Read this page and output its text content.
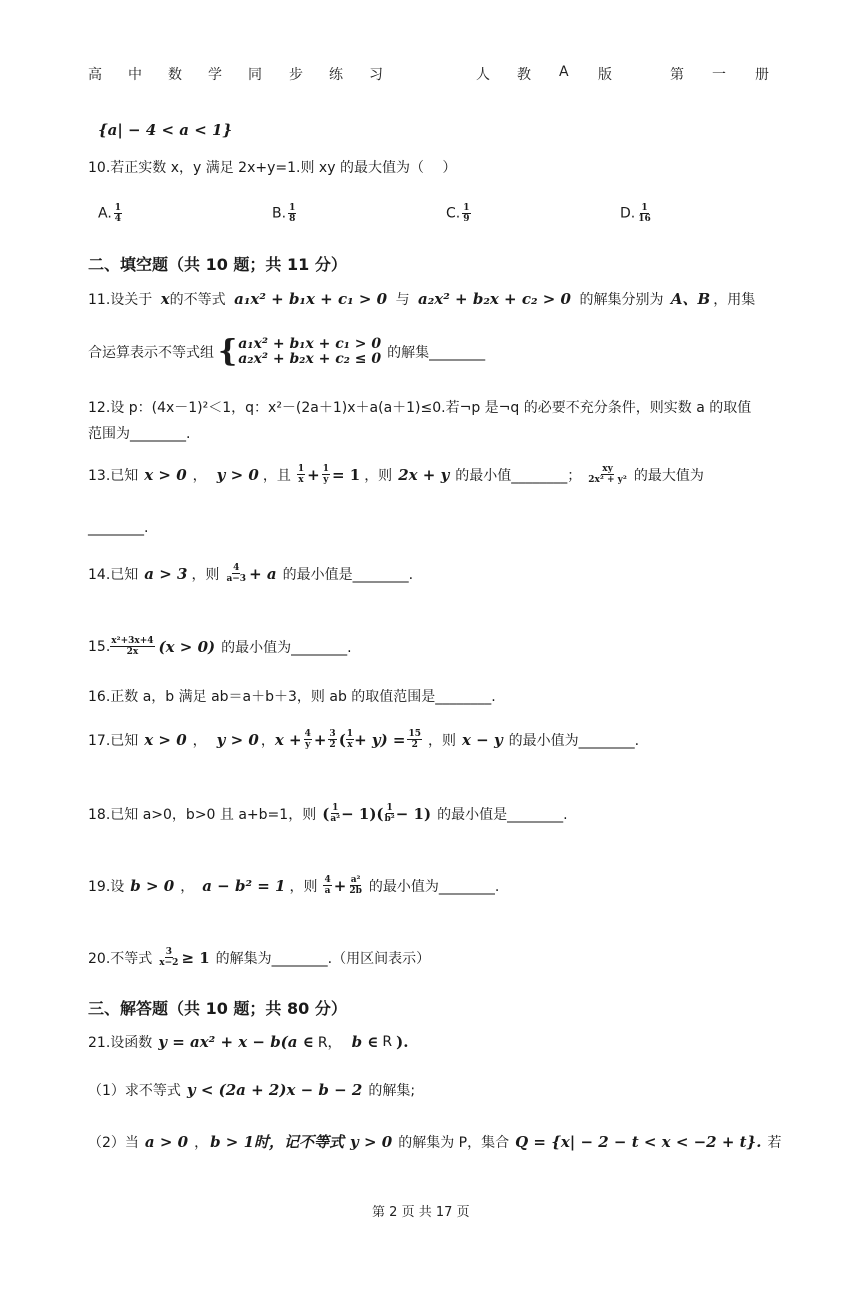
高 中 数 学 同 步 练 习	人 教 A 版	第 一 册
{a| − 4 < a < 1}
10.若正实数 x，y 满足 2x+y=1.则 xy 的最大值为（　 ）
A. $\frac{1}{4}$	B. $\frac{1}{8}$	C. $\frac{1}{9}$	D. $\frac{1}{16}$
二、填空题（共 10 题；共 11 分）
11.设关于 x的不等式 a₁x² + b₁x + c₁ > 0 与 a₂x² + b₂x + c₂ > 0 的解集分别为 A、B ，用集
合运算表示不等式组 { a₁x² + b₁x + c₁ > 0
a₂x² + b₂x + c₂ ≤ 0 的解集________
12.设 p：(4x－1)²＜1，q：x²－(2a＋1)x＋a(a＋1)≤0.若¬p 是¬q 的必要不充分条件，则实数 a 的取值
范围为________.
13.已知 x > 0 ， y > 0 ，且 $\frac{1}{x} + \frac{1}{y} = 1$ ，则 2x + y 的最小值________； $\frac{xy}{\text{2x² + y²}}$ 的最大值为
________.
14.已知 a > 3 ，则 $\frac{4}{a-3} + a$ 的最小值是________.
15. $\frac{\text{x²+3x+4}}{2x} (x > 0)$ 的最小值为________.
16.正数 a，b 满足 ab＝a＋b＋3，则 ab 的取值范围是________.
17.已知 x > 0 ， y > 0 ， $x + \frac{4}{y} + \frac{3}{2}$ ( $\frac{1}{x} + y) = \frac{15}{2}$ ，则 x − y 的最小值为________.
18.已知 a>0，b>0 且 a+b=1，则 ( $\frac{1}{\text{a²}} - 1)( \frac{1}{\text{b²}} - 1)$ 的最小值是________.
19.设 b > 0 ， a − b² = 1 ，则 $\frac{4}{a} + \frac{\text{a²}}{2b}$ 的最小值为________.
20.不等式 $\frac{3}{x-2} \ge 1$ 的解集为________.（用区间表示）
三、解答题（共 10 题；共 80 分）
21.设函数 y = ax² + x − b(a ∈ R， b ∈ R ).
（1）求不等式 y < (2a + 2)x − b − 2 的解集;
（2）当 a > 0 ， b > 1时，记不等式 y > 0 的解集为 P，集合 Q = {x| − 2 − t < x < −2 + t}. 若
第 2 页 共 17 页
